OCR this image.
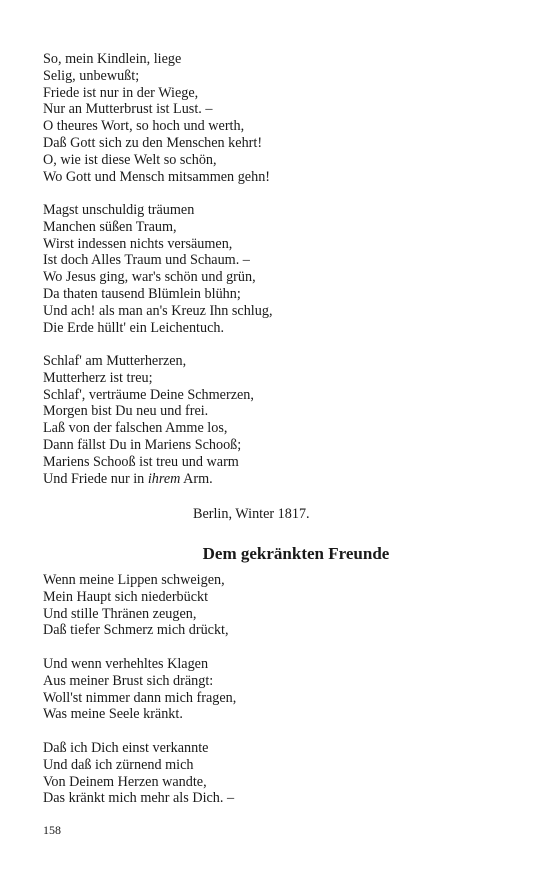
So, mein Kindlein, liege
Selig, unbewußt;
Friede ist nur in der Wiege,
Nur an Mutterbrust ist Lust. –
O theures Wort, so hoch und werth,
Daß Gott sich zu den Menschen kehrt!
O, wie ist diese Welt so schön,
Wo Gott und Mensch mitsammen gehn!
Magst unschuldig träumen
Manchen süßen Traum,
Wirst indessen nichts versäumen,
Ist doch Alles Traum und Schaum. –
Wo Jesus ging, war's schön und grün,
Da thaten tausend Blümlein blühn;
Und ach! als man an's Kreuz Ihn schlug,
Die Erde hüllt' ein Leichentuch.
Schlaf' am Mutterherzen,
Mutterherz ist treu;
Schlaf', verträume Deine Schmerzen,
Morgen bist Du neu und frei.
Laß von der falschen Amme los,
Dann fällst Du in Mariens Schooß;
Mariens Schooß ist treu und warm
Und Friede nur in ihrem Arm.
Berlin, Winter 1817.
Dem gekränkten Freunde
Wenn meine Lippen schweigen,
Mein Haupt sich niederbückt
Und stille Thränen zeugen,
Daß tiefer Schmerz mich drückt,
Und wenn verhehltes Klagen
Aus meiner Brust sich drängt:
Woll'st nimmer dann mich fragen,
Was meine Seele kränkt.
Daß ich Dich einst verkannte
Und daß ich zürnend mich
Von Deinem Herzen wandte,
Das kränkt mich mehr als Dich. –
158
